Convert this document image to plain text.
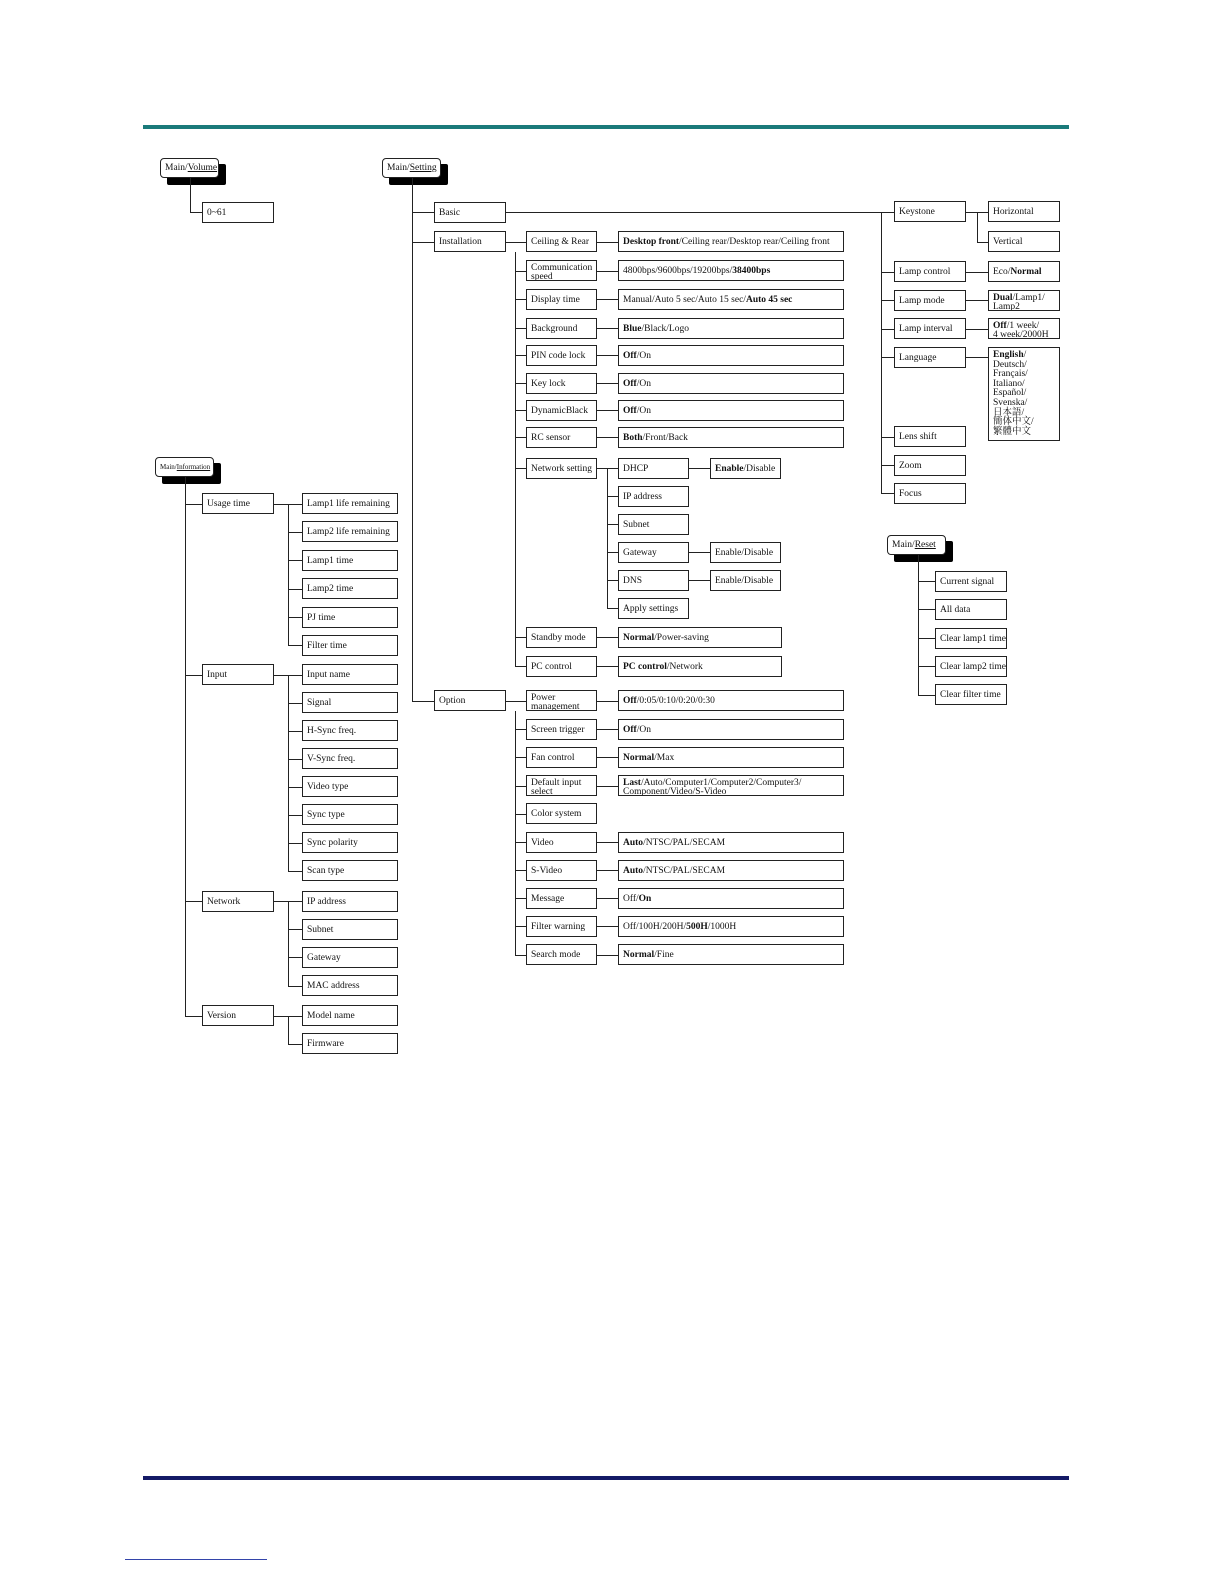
Main/ Volume
0~61
Main/ Setting
Basic
Installation
Option
Keystone	Horizontal
Vertical
Lamp control	Eco/ Normal
Lamp mode	Dual/Lamp1/
Lamp2
Lamp interval	Off/1 week/
4 week/2000H
Language	English/
Deutsch/
Français/
Italiano/
Español/
Svenska/
日本語/
簡体中文/
繁體中文
Lens shift
Zoom
Focus
Ceiling & Rear	Desktop front /Ceiling rear/Desktop rear/Ceiling front
Communication
speed
4800bps/9600bps/19200bps/ 38400bps
Display time	Manual/Auto 5 sec/Auto 15 sec/ Auto 45 sec
Background	Blue /Black/Logo
PIN code lock	Off /On
Key lock	Off /On
DynamicBlack	Off /On
RC sensor	Both /Front/Back
Network setting	DHCP	Enable /Disable
IP address
Subnet
Gateway	Enable/Disable
DNS	Enable/Disable
Apply settings
Standby mode	Normal /Power-saving
PC control	PC control /Network
Power
management
Off /0:05/0:10/0:20/0:30
Screen trigger	Off /On
Fan control	Normal /Max
Default input
select
Last/Auto/Computer1/Computer2/Computer3/
Component/Video/S-Video
Color system
Video	Auto /NTSC/PAL/SECAM
S-Video	Auto /NTSC/PAL/SECAM
Message	Off/ On
Filter warning	Off/100H/200H/ 500H /1000H
Search mode	Normal /Fine
Main/ Information
Usage time	Lamp1 life remaining
Lamp2 life remaining
Lamp1 time
Lamp2 time
PJ time
Filter time
Input	Input name
Signal
H-Sync freq.
V-Sync freq.
Video type
Sync type
Sync polarity
Scan type
Network	IP address
Subnet
Gateway
MAC address
Version	Model name
Firmware
Main/ Reset
Current signal
All data
Clear lamp1 time
Clear lamp2 time
Clear filter time
